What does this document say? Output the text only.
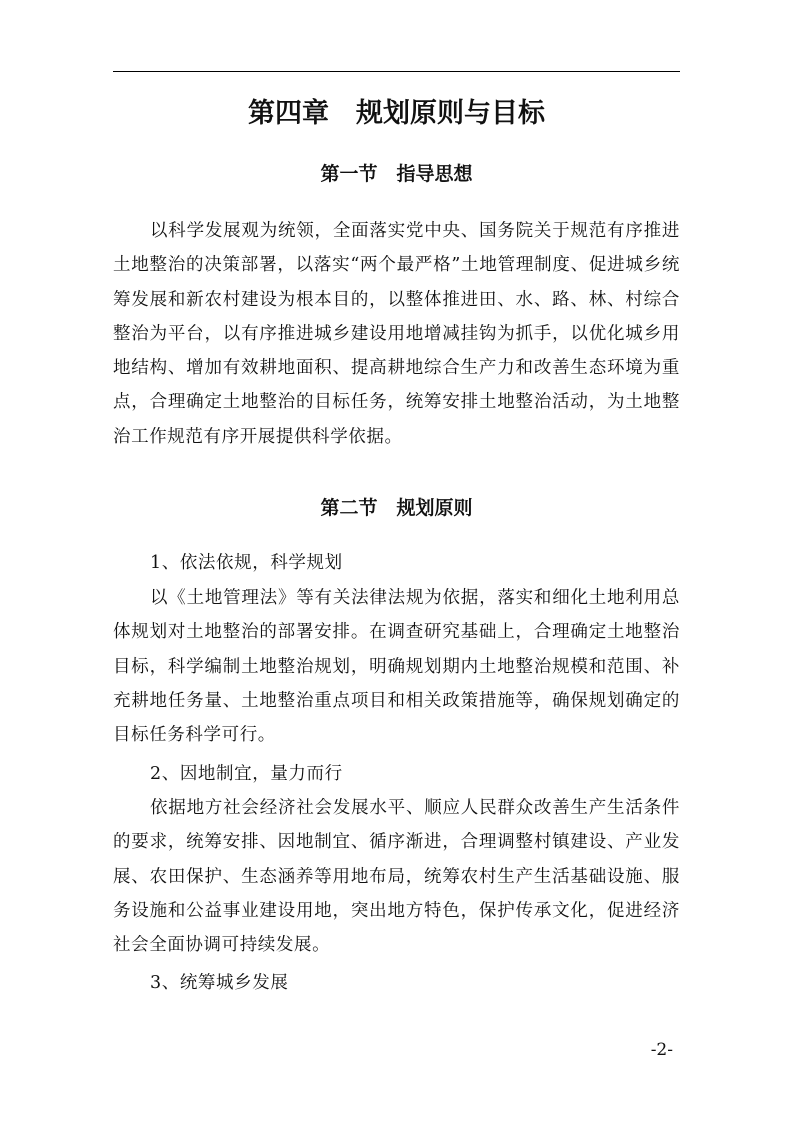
第四章　规划原则与目标
第一节　指导思想

以科学发展观为统领，全面落实党中央、国务院关于规范有序推进土地整治的决策部署，以落实“两个最严格”土地管理制度、促进城乡统筹发展和新农村建设为根本目的，以整体推进田、水、路、林、村综合整治为平台，以有序推进城乡建设用地增减挂钩为抓手，以优化城乡用地结构、增加有效耕地面积、提高耕地综合生产力和改善生态环境为重点，合理确定土地整治的目标任务，统筹安排土地整治活动，为土地整治工作规范有序开展提供科学依据。

第二节　规划原则

1、依法依规，科学规划

以《土地管理法》等有关法律法规为依据，落实和细化土地利用总体规划对土地整治的部署安排。在调查研究基础上，合理确定土地整治目标，科学编制土地整治规划，明确规划期内土地整治规模和范围、补充耕地任务量、土地整治重点项目和相关政策措施等，确保规划确定的目标任务科学可行。

2、因地制宜，量力而行

依据地方社会经济社会发展水平、顺应人民群众改善生产生活条件的要求，统筹安排、因地制宜、循序渐进，合理调整村镇建设、产业发展、农田保护、生态涵养等用地布局，统筹农村生产生活基础设施、服务设施和公益事业建设用地，突出地方特色，保护传承文化，促进经济社会全面协调可持续发展。

3、统筹城乡发展

-2-
